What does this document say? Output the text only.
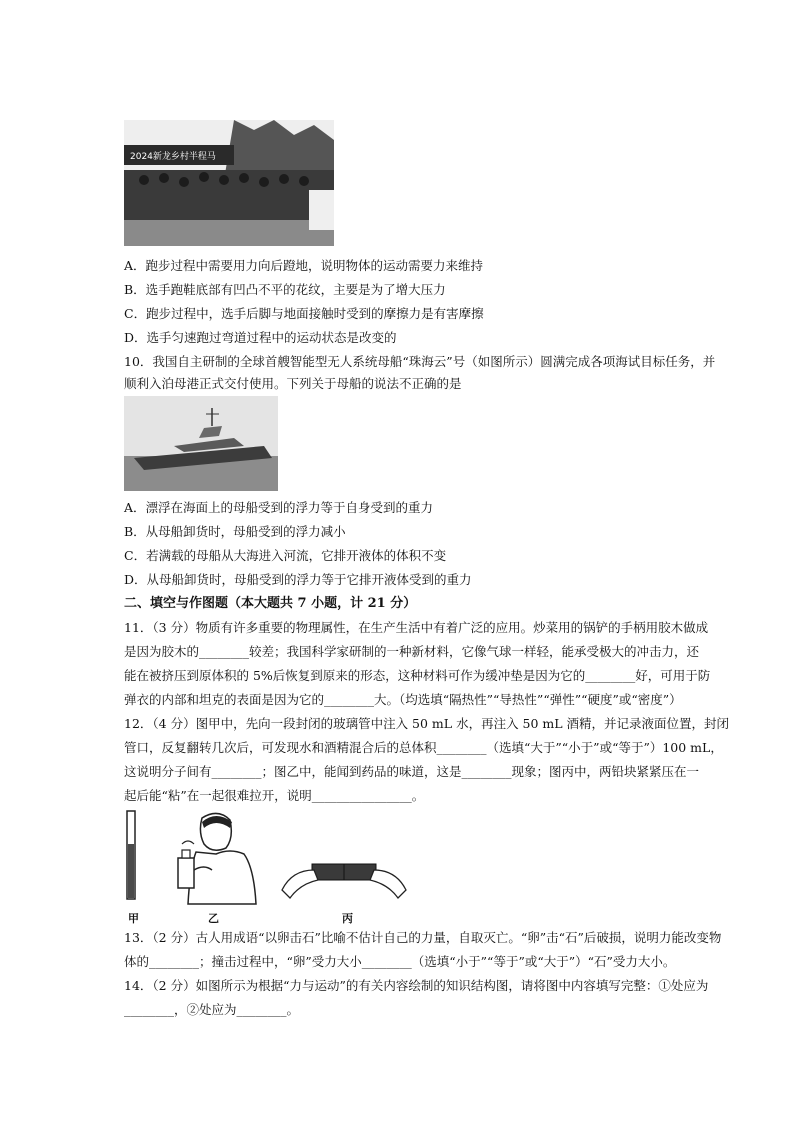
2024新龙乡村半程马
A．跑步过程中需要用力向后蹬地，说明物体的运动需要力来维持
B．选手跑鞋底部有凹凸不平的花纹，主要是为了增大压力
C．跑步过程中，选手后脚与地面接触时受到的摩擦力是有害摩擦
D．选手匀速跑过弯道过程中的运动状态是改变的
10．我国自主研制的全球首艘智能型无人系统母船“珠海云”号（如图所示）圆满完成各项海试目标任务，并
顺利入泊母港正式交付使用。下列关于母船的说法不正确的是
A．漂浮在海面上的母船受到的浮力等于自身受到的重力
B．从母船卸货时，母船受到的浮力减小
C．若满载的母船从大海进入河流，它排开液体的体积不变
D．从母船卸货时，母船受到的浮力等于它排开液体受到的重力
二、填空与作图题（本大题共 7 小题，计 21 分）
11．（3 分）物质有许多重要的物理属性，在生产生活中有着广泛的应用。炒菜用的锅铲的手柄用胶木做成
是因为胶木的________较差；我国科学家研制的一种新材料，它像气球一样轻，能承受极大的冲击力，还
能在被挤压到原体积的 5%后恢复到原来的形态，这种材料可作为缓冲垫是因为它的________好，可用于防
弹衣的内部和坦克的表面是因为它的________大。（均选填“隔热性”“导热性”“弹性”“硬度”或“密度”）
12．（4 分）图甲中，先向一段封闭的玻璃管中注入 50 mL 水，再注入 50 mL 酒精，并记录液面位置，封闭
管口，反复翻转几次后，可发现水和酒精混合后的总体积________（选填“大于”“小于”或“等于”）100 mL，
这说明分子间有________；图乙中，能闻到药品的味道，这是________现象；图丙中，两铅块紧紧压在一
起后能“粘”在一起很难拉开，说明________________。
甲	乙	丙
13．（2 分）古人用成语“以卵击石”比喻不估计自己的力量，自取灭亡。“卵”击“石”后破损，说明力能改变物
体的________；撞击过程中，“卵”受力大小________（选填“小于”“等于”或“大于”）“石”受力大小。
14．（2 分）如图所示为根据“力与运动”的有关内容绘制的知识结构图，请将图中内容填写完整：①处应为
________，②处应为________。
